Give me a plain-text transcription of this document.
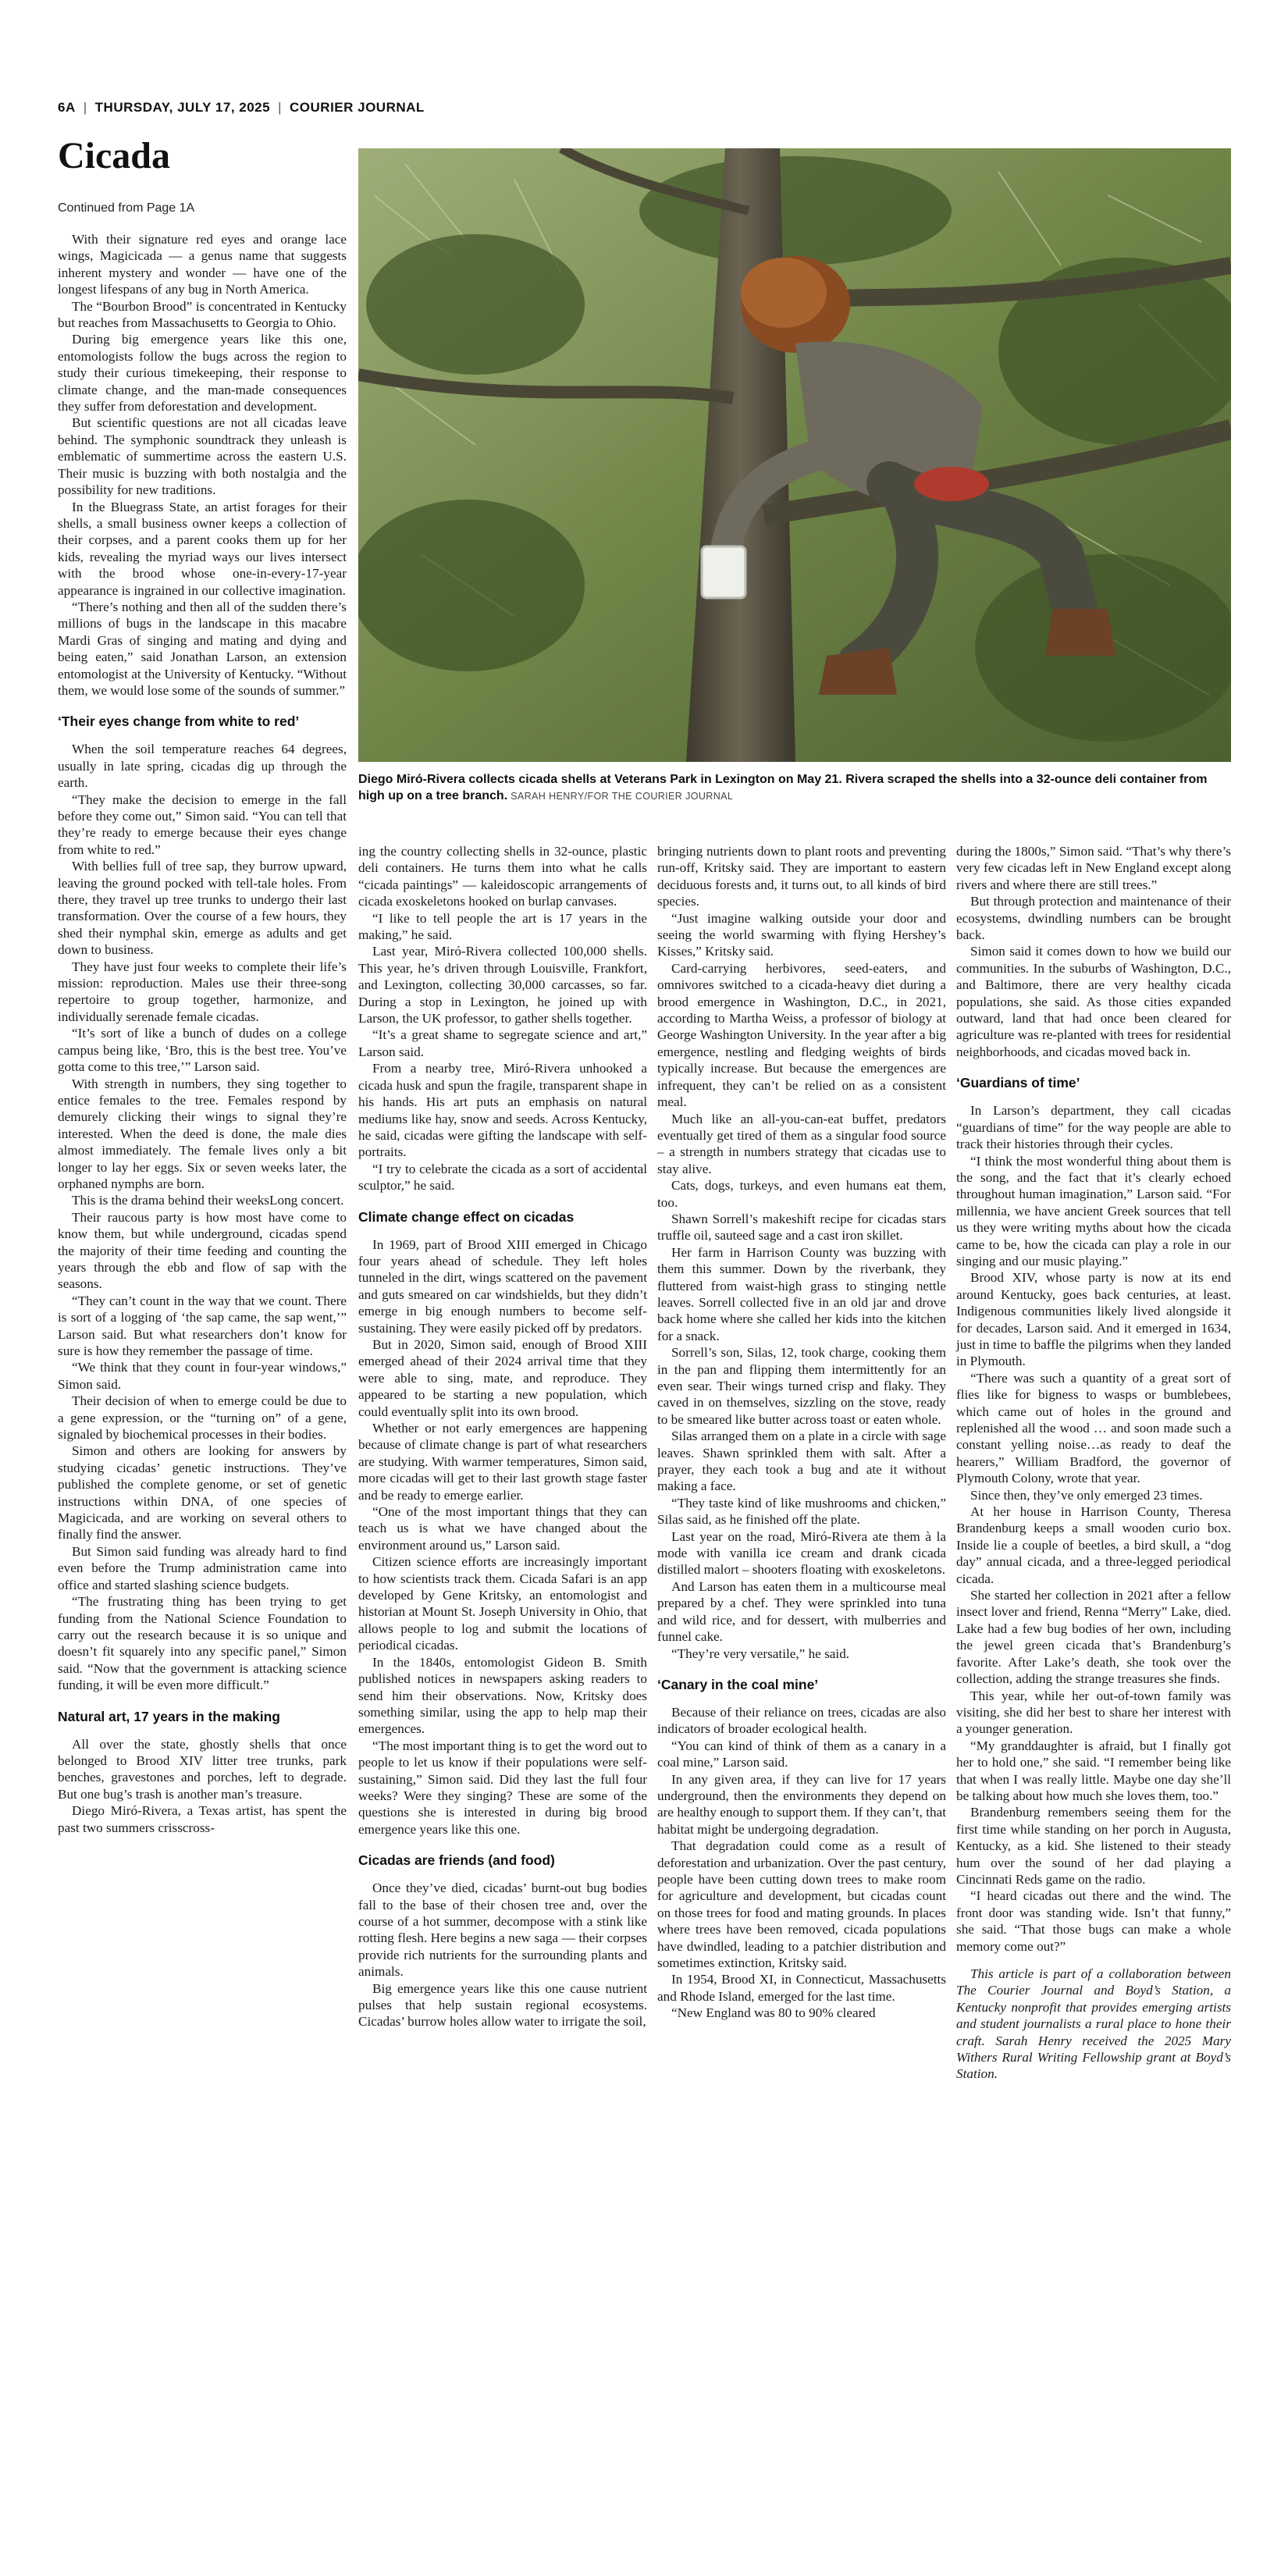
6A | THURSDAY, JULY 17, 2025 | COURIER JOURNAL
Cicada
Continued from Page 1A
Diego Miró-Rivera collects cicada shells at Veterans Park in Lexington on May 21. Rivera scraped the shells into a 32-ounce deli container from high up on a tree branch. SARAH HENRY/FOR THE COURIER JOURNAL

With their signature red eyes and orange lace wings, Magicicada — a genus name that suggests inherent mystery and wonder — have one of the longest lifespans of any bug in North America.

The “Bourbon Brood” is concentrated in Kentucky but reaches from Massachusetts to Georgia to Ohio.

During big emergence years like this one, entomologists follow the bugs across the region to study their curious timekeeping, their response to climate change, and the man-made consequences they suffer from deforestation and development.

But scientific questions are not all cicadas leave behind. The symphonic soundtrack they unleash is emblematic of summertime across the eastern U.S. Their music is buzzing with both nostalgia and the possibility for new traditions.

In the Bluegrass State, an artist forages for their shells, a small business owner keeps a collection of their corpses, and a parent cooks them up for her kids, revealing the myriad ways our lives intersect with the brood whose one-in-every-17-year appearance is ingrained in our collective imagination.

“There’s nothing and then all of the sudden there’s millions of bugs in the landscape in this macabre Mardi Gras of singing and mating and dying and being eaten,” said Jonathan Larson, an extension entomologist at the University of Kentucky. “Without them, we would lose some of the sounds of summer.”

‘Their eyes change from white to red’

When the soil temperature reaches 64 degrees, usually in late spring, cicadas dig up through the earth.

“They make the decision to emerge in the fall before they come out,” Simon said. “You can tell that they’re ready to emerge because their eyes change from white to red.”

With bellies full of tree sap, they burrow upward, leaving the ground pocked with tell-tale holes. From there, they travel up tree trunks to undergo their last transformation. Over the course of a few hours, they shed their nymphal skin, emerge as adults and get down to business.

They have just four weeks to complete their life’s mission: reproduction. Males use their three-song repertoire to group together, harmonize, and individually serenade female cicadas.

“It’s sort of like a bunch of dudes on a college campus being like, ‘Bro, this is the best tree. You’ve gotta come to this tree,’” Larson said.

With strength in numbers, they sing together to entice females to the tree. Females respond by demurely clicking their wings to signal they’re interested. When the deed is done, the male dies almost immediately. The female lives only a bit longer to lay her eggs. Six or seven weeks later, the orphaned nymphs are born.

This is the drama behind their weeksLong concert.

Their raucous party is how most have come to know them, but while underground, cicadas spend the majority of their time feeding and counting the years through the ebb and flow of sap with the seasons.

“They can’t count in the way that we count. There is sort of a logging of ‘the sap came, the sap went,’” Larson said. But what researchers don’t know for sure is how they remember the passage of time.

“We think that they count in four-year windows,” Simon said.

Their decision of when to emerge could be due to a gene expression, or the “turning on” of a gene, signaled by biochemical processes in their bodies.

Simon and others are looking for answers by studying cicadas’ genetic instructions. They’ve published the complete genome, or set of genetic instructions within DNA, of one species of Magicicada, and are working on several others to finally find the answer.

But Simon said funding was already hard to find even before the Trump administration came into office and started slashing science budgets.

“The frustrating thing has been trying to get funding from the National Science Foundation to carry out the research because it is so unique and doesn’t fit squarely into any specific panel,” Simon said. “Now that the government is attacking science funding, it will be even more difficult.”

Natural art, 17 years in the making

All over the state, ghostly shells that once belonged to Brood XIV litter tree trunks, park benches, gravestones and porches, left to degrade. But one bug’s trash is another man’s treasure.

Diego Miró-Rivera, a Texas artist, has spent the past two summers crisscross-

ing the country collecting shells in 32-ounce, plastic deli containers. He turns them into what he calls “cicada paintings” — kaleidoscopic arrangements of cicada exoskeletons hooked on burlap canvases.

“I like to tell people the art is 17 years in the making,” he said.

Last year, Miró-Rivera collected 100,000 shells. This year, he’s driven through Louisville, Frankfort, and Lexington, collecting 30,000 carcasses, so far. During a stop in Lexington, he joined up with Larson, the UK professor, to gather shells together.

“It’s a great shame to segregate science and art,” Larson said.

From a nearby tree, Miró-Rivera unhooked a cicada husk and spun the fragile, transparent shape in his hands. His art puts an emphasis on natural mediums like hay, snow and seeds. Across Kentucky, he said, cicadas were gifting the landscape with self-portraits.

“I try to celebrate the cicada as a sort of accidental sculptor,” he said.

Climate change effect on cicadas

In 1969, part of Brood XIII emerged in Chicago four years ahead of schedule. They left holes tunneled in the dirt, wings scattered on the pavement and guts smeared on car windshields, but they didn’t emerge in big enough numbers to become self-sustaining. They were easily picked off by predators.

But in 2020, Simon said, enough of Brood XIII emerged ahead of their 2024 arrival time that they were able to sing, mate, and reproduce. They appeared to be starting a new population, which could eventually split into its own brood.

Whether or not early emergences are happening because of climate change is part of what researchers are studying. With warmer temperatures, Simon said, more cicadas will get to their last growth stage faster and be ready to emerge earlier.

“One of the most important things that they can teach us is what we have changed about the environment around us,” Larson said.

Citizen science efforts are increasingly important to how scientists track them. Cicada Safari is an app developed by Gene Kritsky, an entomologist and historian at Mount St. Joseph University in Ohio, that allows people to log and submit the locations of periodical cicadas.

In the 1840s, entomologist Gideon B. Smith published notices in newspapers asking readers to send him their observations. Now, Kritsky does something similar, using the app to help map their emergences.

“The most important thing is to get the word out to people to let us know if their populations were self-sustaining,” Simon said. Did they last the full four weeks? Were they singing? These are some of the questions she is interested in during big brood emergence years like this one.

Cicadas are friends (and food)

Once they’ve died, cicadas’ burnt-out bug bodies fall to the base of their chosen tree and, over the course of a hot summer, decompose with a stink like rotting flesh. Here begins a new saga — their corpses provide rich nutrients for the surrounding plants and animals.

Big emergence years like this one cause nutrient pulses that help sustain regional ecosystems. Cicadas’ burrow holes allow water to irrigate the soil,

bringing nutrients down to plant roots and preventing run-off, Kritsky said. They are important to eastern deciduous forests and, it turns out, to all kinds of bird species.

“Just imagine walking outside your door and seeing the world swarming with flying Hershey’s Kisses,” Kritsky said.

Card-carrying herbivores, seed-eaters, and omnivores switched to a cicada-heavy diet during a brood emergence in Washington, D.C., in 2021, according to Martha Weiss, a professor of biology at George Washington University. In the year after a big emergence, nestling and fledging weights of birds typically increase. But because the emergences are infrequent, they can’t be relied on as a consistent meal.

Much like an all-you-can-eat buffet, predators eventually get tired of them as a singular food source – a strength in numbers strategy that cicadas use to stay alive.

Cats, dogs, turkeys, and even humans eat them, too.

Shawn Sorrell’s makeshift recipe for cicadas stars truffle oil, sauteed sage and a cast iron skillet.

Her farm in Harrison County was buzzing with them this summer. Down by the riverbank, they fluttered from waist-high grass to stinging nettle leaves. Sorrell collected five in an old jar and drove back home where she called her kids into the kitchen for a snack.

Sorrell’s son, Silas, 12, took charge, cooking them in the pan and flipping them intermittently for an even sear. Their wings turned crisp and flaky. They caved in on themselves, sizzling on the stove, ready to be smeared like butter across toast or eaten whole.

Silas arranged them on a plate in a circle with sage leaves. Shawn sprinkled them with salt. After a prayer, they each took a bug and ate it without making a face.

“They taste kind of like mushrooms and chicken,” Silas said, as he finished off the plate.

Last year on the road, Miró-Rivera ate them à la mode with vanilla ice cream and drank cicada distilled malort – shooters floating with exoskeletons.

And Larson has eaten them in a multicourse meal prepared by a chef. They were sprinkled into tuna and wild rice, and for dessert, with mulberries and funnel cake.

“They’re very versatile,” he said.

‘Canary in the coal mine’

Because of their reliance on trees, cicadas are also indicators of broader ecological health.

“You can kind of think of them as a canary in a coal mine,” Larson said.

In any given area, if they can live for 17 years underground, then the environments they depend on are healthy enough to support them. If they can’t, that habitat might be undergoing degradation.

That degradation could come as a result of deforestation and urbanization. Over the past century, people have been cutting down trees to make room for agriculture and development, but cicadas count on those trees for food and mating grounds. In places where trees have been removed, cicada populations have dwindled, leading to a patchier distribution and sometimes extinction, Kritsky said.

In 1954, Brood XI, in Connecticut, Massachusetts and Rhode Island, emerged for the last time.

“New England was 80 to 90% cleared

during the 1800s,” Simon said. “That’s why there’s very few cicadas left in New England except along rivers and where there are still trees.”

But through protection and maintenance of their ecosystems, dwindling numbers can be brought back.

Simon said it comes down to how we build our communities. In the suburbs of Washington, D.C., and Baltimore, there are very healthy cicada populations, she said. As those cities expanded outward, land that had once been cleared for agriculture was re-planted with trees for residential neighborhoods, and cicadas moved back in.

‘Guardians of time’

In Larson’s department, they call cicadas “guardians of time” for the way people are able to track their histories through their cycles.

“I think the most wonderful thing about them is the song, and the fact that it’s clearly echoed throughout human imagination,” Larson said. “For millennia, we have ancient Greek sources that tell us they were writing myths about how the cicada came to be, how the cicada can play a role in our singing and our music playing.”

Brood XIV, whose party is now at its end around Kentucky, goes back centuries, at least. Indigenous communities likely lived alongside it for decades, Larson said. And it emerged in 1634, just in time to baffle the pilgrims when they landed in Plymouth.

“There was such a quantity of a great sort of flies like for bigness to wasps or bumblebees, which came out of holes in the ground and replenished all the wood … and soon made such a constant yelling noise…as ready to deaf the hearers,” William Bradford, the governor of Plymouth Colony, wrote that year.

Since then, they’ve only emerged 23 times.

At her house in Harrison County, Theresa Brandenburg keeps a small wooden curio box. Inside lie a couple of beetles, a bird skull, a “dog day” annual cicada, and a three-legged periodical cicada.

She started her collection in 2021 after a fellow insect lover and friend, Renna “Merry” Lake, died. Lake had a few bug bodies of her own, including the jewel green cicada that’s Brandenburg’s favorite. After Lake’s death, she took over the collection, adding the strange treasures she finds.

This year, while her out-of-town family was visiting, she did her best to share her interest with a younger generation.

“My granddaughter is afraid, but I finally got her to hold one,” she said. “I remember being like that when I was really little. Maybe one day she’ll be talking about how much she loves them, too.”

Brandenburg remembers seeing them for the first time while standing on her porch in Augusta, Kentucky, as a kid. She listened to their steady hum over the sound of her dad playing a Cincinnati Reds game on the radio.

“I heard cicadas out there and the wind. The front door was standing wide. Isn’t that funny,” she said. “That those bugs can make a whole memory come out?”

This article is part of a collaboration between The Courier Journal and Boyd’s Station, a Kentucky nonprofit that provides emerging artists and student journalists a rural place to hone their craft. Sarah Henry received the 2025 Mary Withers Rural Writing Fellowship grant at Boyd’s Station.
